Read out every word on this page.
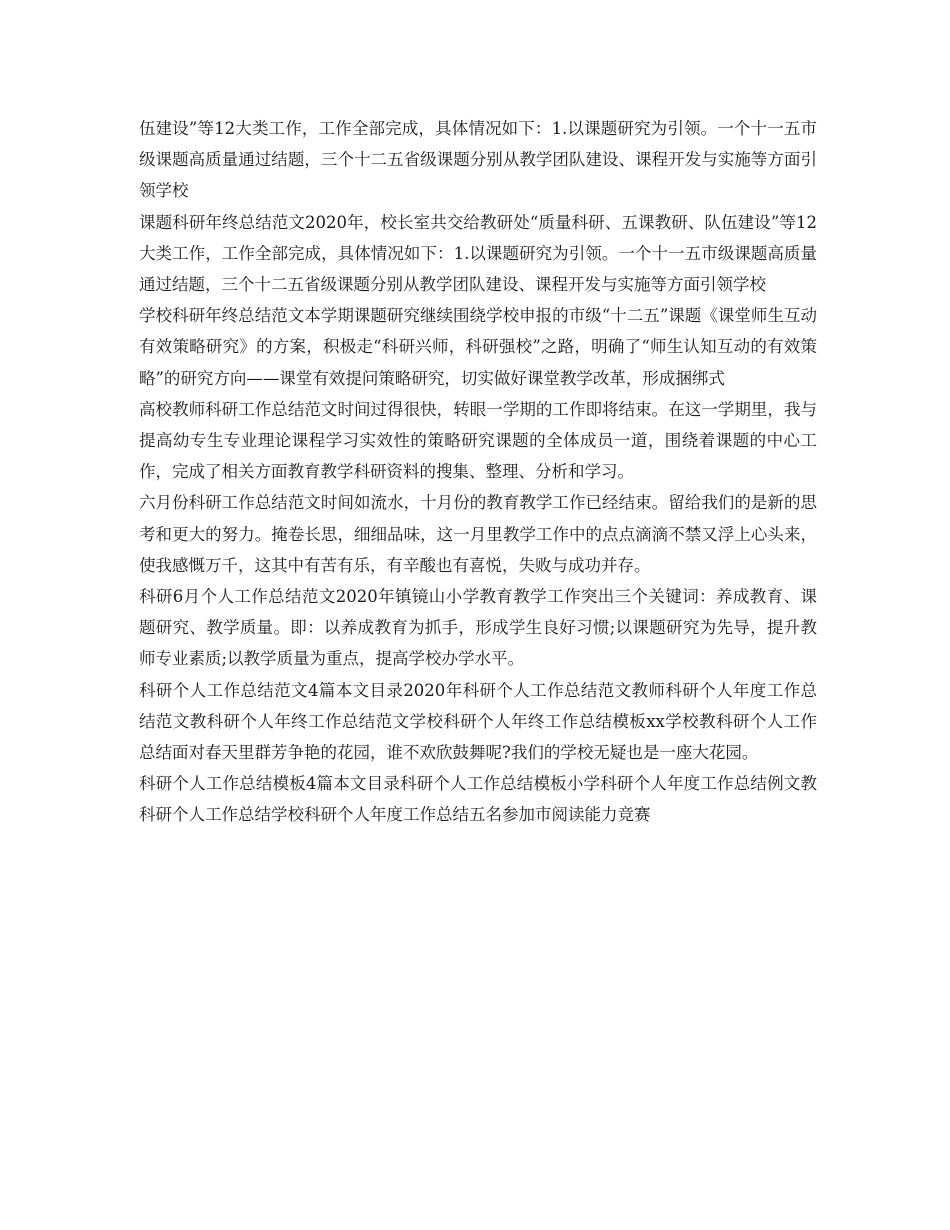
伍建设”等12大类工作，工作全部完成，具体情况如下：1.以课题研究为引领。一个十一五市级课题高质量通过结题，三个十二五省级课题分别从教学团队建设、课程开发与实施等方面引领学校

课题科研年终总结范文2020年，校长室共交给教研处“质量科研、五课教研、队伍建设”等12大类工作，工作全部完成，具体情况如下：1.以课题研究为引领。一个十一五市级课题高质量通过结题，三个十二五省级课题分别从教学团队建设、课程开发与实施等方面引领学校

学校科研年终总结范文本学期课题研究继续围绕学校申报的市级“十二五”课题《课堂师生互动有效策略研究》的方案，积极走“科研兴师，科研强校”之路，明确了“师生认知互动的有效策略”的研究方向——课堂有效提问策略研究，切实做好课堂教学改革，形成捆绑式

高校教师科研工作总结范文时间过得很快，转眼一学期的工作即将结束。在这一学期里，我与提高幼专生专业理论课程学习实效性的策略研究课题的全体成员一道，围绕着课题的中心工作，完成了相关方面教育教学科研资料的搜集、整理、分析和学习。

六月份科研工作总结范文时间如流水，十月份的教育教学工作已经结束。留给我们的是新的思考和更大的努力。掩卷长思，细细品味，这一月里教学工作中的点点滴滴不禁又浮上心头来，使我感慨万千，这其中有苦有乐，有辛酸也有喜悦，失败与成功并存。

科研6月个人工作总结范文2020年镇镜山小学教育教学工作突出三个关键词：养成教育、课题研究、教学质量。即：以养成教育为抓手，形成学生良好习惯;以课题研究为先导，提升教师专业素质;以教学质量为重点，提高学校办学水平。

科研个人工作总结范文4篇本文目录2020年科研个人工作总结范文教师科研个人年度工作总结范文教科研个人年终工作总结范文学校科研个人年终工作总结模板xx学校教科研个人工作总结面对春天里群芳争艳的花园，谁不欢欣鼓舞呢?我们的学校无疑也是一座大花园。

科研个人工作总结模板4篇本文目录科研个人工作总结模板小学科研个人年度工作总结例文教科研个人工作总结学校科研个人年度工作总结五名参加市阅读能力竞赛
